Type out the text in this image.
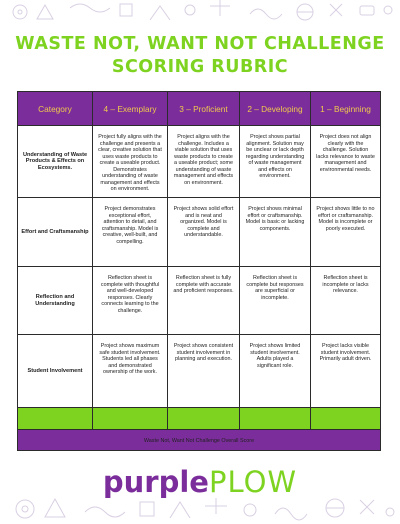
WASTE NOT, WANT NOT CHALLENGE
SCORING RUBRIC
Category	4 – Exemplary	3 – Proficient	2 – Developing	1 – Beginning
Understanding of Waste Products & Effects on Ecosystems.	Project fully aligns with the challenge and presents a clear, creative solution that uses waste products to create a useable product. Demonstrates understanding of waste management and effects on environment.	Project aligns with the challenge. Includes a viable solution that uses waste products to create a useable product; some understanding of waste management and effects on environment.	Project shows partial alignment. Solution may be unclear or lack depth regarding understanding of waste management and effects on environment.	Project does not align clearly with the challenge. Solution lacks relevance to waste management and environmental needs.
Effort and Craftsmanship	Project demonstrates exceptional effort, attention to detail, and craftsmanship. Model is creative, well-built, and compelling.	Project shows solid effort and is neat and organized. Model is complete and understandable.	Project shows minimal effort or craftsmanship. Model is basic or lacking components.	Project shows little to no effort or craftsmanship. Model is incomplete or poorly executed.
Reflection and Understanding	Reflection sheet is complete with thoughtful and well-developed responses. Clearly connects learning to the challenge.	Reflection sheet is fully complete with accurate and proficient responses.	Reflection sheet is complete but responses are superficial or incomplete.	Reflection sheet is incomplete or lacks relevance.
Student Involvement	Project shows maximum safe student involvement. Students led all phases and demonstrated ownership of the work.	Project shows consistent student involvement in planning and execution.	Project shows limited student involvement. Adults played a significant role.	Project lacks visible student involvement. Primarily adult driven.

Waste Not, Want Not Challenge Overall Score				
purplePLOW
